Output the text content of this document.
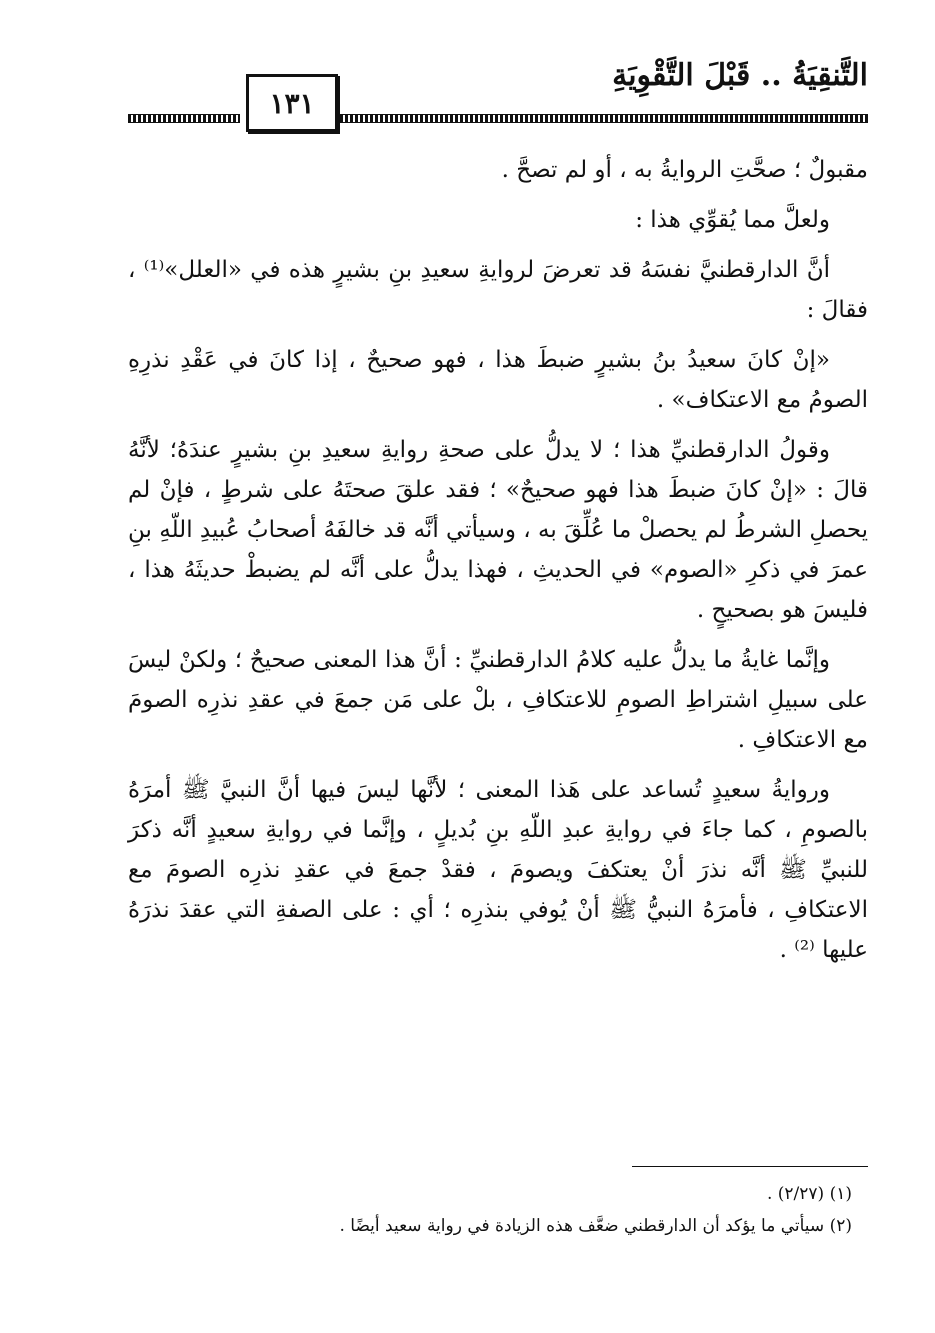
١٣١
التَّنقِيَةُ .. قَبْلَ التَّقْوِيَةِ

مقبولٌ ؛ صحَّتِ الروايةُ به ، أو لم تصحَّ .

ولعلَّ مما يُقوِّي هذا :

أنَّ الدارقطنيَّ نفسَهُ قد تعرضَ لروايةِ سعيدِ بنِ بشيرٍ هذه في «العلل»⁽¹⁾ ، فقالَ :

«إنْ كانَ سعيدُ بنُ بشيرٍ ضبطَ هذا ، فهو صحيحٌ ، إذا كانَ في عَقْدِ نذرِهِ الصومُ مع الاعتكاف» .

وقولُ الدارقطنيِّ هذا ؛ لا يدلُّ على صحةِ روايةِ سعيدِ بنِ بشيرٍ عندَهُ؛ لأنَّهُ قالَ : «إنْ كانَ ضبطَ هذا فهو صحيحٌ» ؛ فقد علقَ صحتَهُ على شرطٍ ، فإنْ لم يحصلِ الشرطُ لم يحصلْ ما عُلِّقَ به ، وسيأتي أنَّه قد خالفَهُ أصحابُ عُبيدِ اللّهِ بنِ عمرَ في ذكرِ «الصوم» في الحديثِ ، فهذا يدلُّ على أنَّه لم يضبطْ حديثَهُ هذا ، فليسَ هو بصحيحٍ .

وإنَّما غايةُ ما يدلُّ عليه كلامُ الدارقطنيِّ : أنَّ هذا المعنى صحيحٌ ؛ ولكنْ ليسَ على سبيلِ اشتراطِ الصومِ للاعتكافِ ، بلْ على مَن جمعَ في عقدِ نذرِه الصومَ مع الاعتكافِ .

وروايةُ سعيدٍ تُساعد على هَذا المعنى ؛ لأنَّها ليسَ فيها أنَّ النبيَّ ﷺ أمرَهُ بالصومِ ، كما جاءَ في روايةِ عبدِ اللّهِ بنِ بُديلٍ ، وإنَّما في روايةِ سعيدٍ أنَّه ذكرَ للنبيِّ ﷺ أنَّه نذرَ أنْ يعتكفَ ويصومَ ، فقدْ جمعَ في عقدِ نذرِه الصومَ مع الاعتكافِ ، فأمرَهُ النبيُّ ﷺ أنْ يُوفي بنذرِه ؛ أي : على الصفةِ التي عقدَ نذرَهُ عليها ⁽²⁾ .

(١) (٢/٢٧) .
(٢) سيأتي ما يؤكد أن الدارقطني ضعَّف هذه الزيادة في رواية سعيد أيضًا .
